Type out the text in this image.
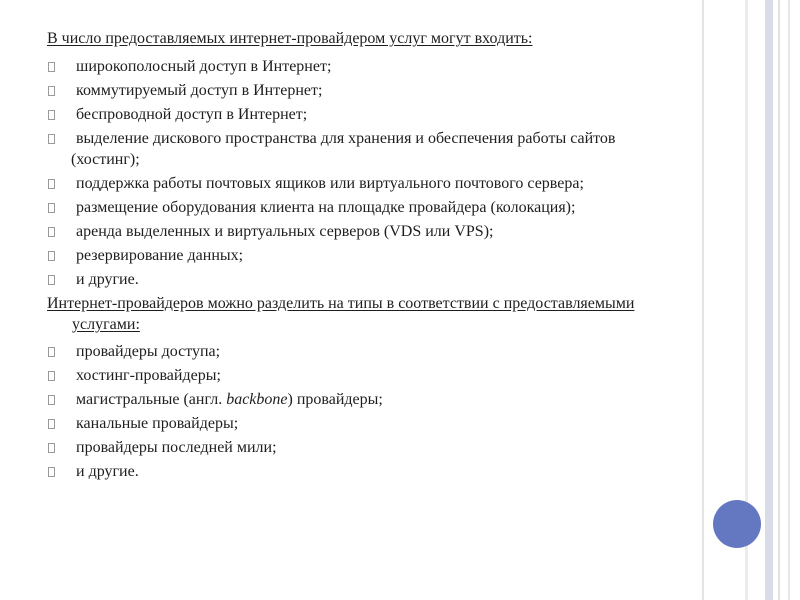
В число предоставляемых интернет-провайдером услуг могут входить:

широкополосный доступ в Интернет;
коммутируемый доступ в Интернет;
беспроводной доступ в Интернет;
выделение дискового пространства для хранения и обеспечения работы сайтов
(хостинг);
поддержка работы почтовых ящиков или виртуального почтового сервера;
размещение оборудования клиента на площадке провайдера (колокация);
аренда выделенных и виртуальных серверов (VDS или VPS);
резервирование данных;
и другие.

Интернет-провайдеров можно разделить на типы в соответствии с предоставляемыми
услугами:

провайдеры доступа;
хостинг-провайдеры;
магистральные (англ. backbone) провайдеры;
канальные провайдеры;
провайдеры последней мили;
и другие.
